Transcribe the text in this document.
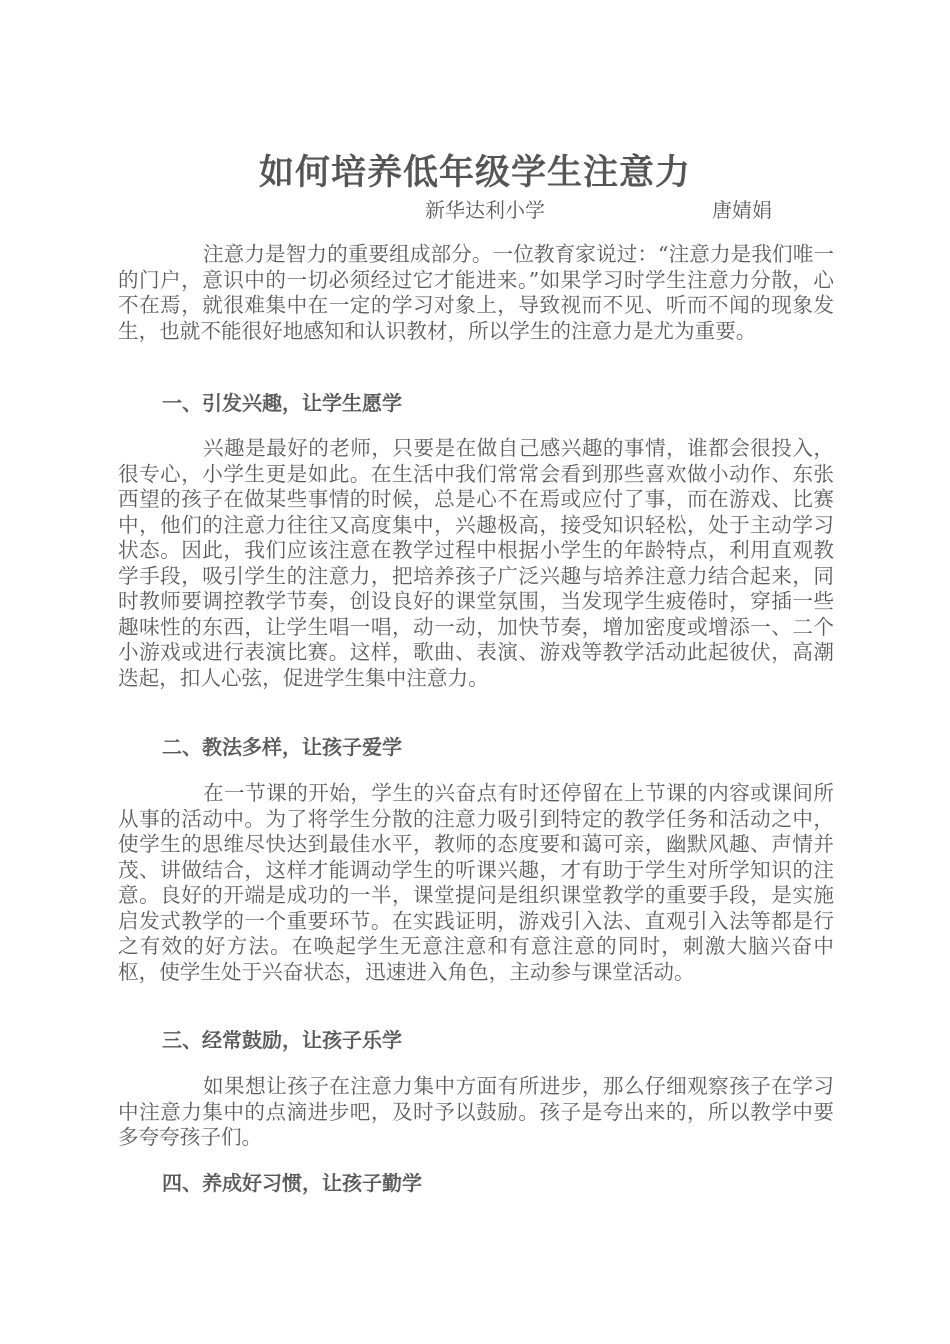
如何培养低年级学生注意力
新华达利小学	唐婧娟

注意力是智力的重要组成部分。一位教育家说过：“注意力是我们唯一的门户，意识中的一切必须经过它才能进来。”如果学习时学生注意力分散，心不在焉，就很难集中在一定的学习对象上，导致视而不见、听而不闻的现象发生，也就不能很好地感知和认识教材，所以学生的注意力是尤为重要。

一、引发兴趣，让学生愿学

兴趣是最好的老师，只要是在做自己感兴趣的事情，谁都会很投入，很专心，小学生更是如此。在生活中我们常常会看到那些喜欢做小动作、东张西望的孩子在做某些事情的时候，总是心不在焉或应付了事，而在游戏、比赛中，他们的注意力往往又高度集中，兴趣极高，接受知识轻松，处于主动学习状态。因此，我们应该注意在教学过程中根据小学生的年龄特点，利用直观教学手段，吸引学生的注意力，把培养孩子广泛兴趣与培养注意力结合起来，同时教师要调控教学节奏，创设良好的课堂氛围，当发现学生疲倦时，穿插一些趣味性的东西，让学生唱一唱，动一动，加快节奏，增加密度或增添一、二个小游戏或进行表演比赛。这样，歌曲、表演、游戏等教学活动此起彼伏，高潮迭起，扣人心弦，促进学生集中注意力。

二、教法多样，让孩子爱学

在一节课的开始，学生的兴奋点有时还停留在上节课的内容或课间所从事的活动中。为了将学生分散的注意力吸引到特定的教学任务和活动之中，使学生的思维尽快达到最佳水平，教师的态度要和蔼可亲，幽默风趣、声情并茂、讲做结合，这样才能调动学生的听课兴趣，才有助于学生对所学知识的注意。良好的开端是成功的一半，课堂提问是组织课堂教学的重要手段，是实施启发式教学的一个重要环节。在实践证明，游戏引入法、直观引入法等都是行之有效的好方法。在唤起学生无意注意和有意注意的同时，刺激大脑兴奋中枢，使学生处于兴奋状态，迅速进入角色，主动参与课堂活动。

三、经常鼓励，让孩子乐学

如果想让孩子在注意力集中方面有所进步，那么仔细观察孩子在学习中注意力集中的点滴进步吧，及时予以鼓励。孩子是夸出来的，所以教学中要多夸夸孩子们。

四、养成好习惯，让孩子勤学
